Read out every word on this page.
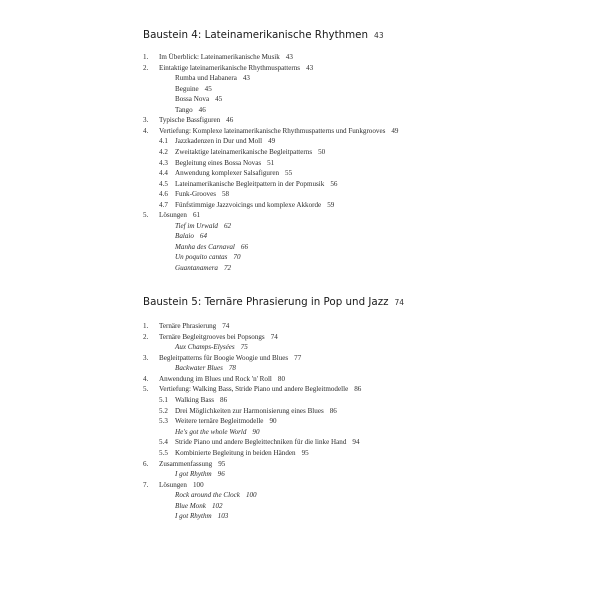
Baustein 4: Lateinamerikanische Rhythmen 43
1. Im Überblick: Lateinamerikanische Musik 43
2. Eintaktige lateinamerikanische Rhythmuspatterns 43
Rumba und Habanera 43
Beguine 45
Bossa Nova 45
Tango 46
3. Typische Bassfiguren 46
4. Vertiefung: Komplexe lateinamerikanische Rhythmuspatterns und Funkgrooves 49
4.1 Jazzkadenzen in Dur und Moll 49
4.2 Zweitaktige lateinamerikanische Begleitpatterns 50
4.3 Begleitung eines Bossa Novas 51
4.4 Anwendung komplexer Salsafiguren 55
4.5 Lateinamerikanische Begleitpattern in der Popmusik 56
4.6 Funk-Grooves 58
4.7 Fünfstimmige Jazzvoicings und komplexe Akkorde 59
5. Lösungen 61
Tief im Urwald 62
Balaio 64
Manha des Carnaval 66
Un poquito cantas 70
Guantanamera 72
Baustein 5: Ternäre Phrasierung in Pop und Jazz 74
1. Ternäre Phrasierung 74
2. Ternäre Begleitgrooves bei Popsongs 74
Aux Champs-Elysées 75
3. Begleitpatterns für Boogie Woogie und Blues 77
Backwater Blues 78
4. Anwendung im Blues und Rock 'n' Roll 80
5. Vertiefung: Walking Bass, Stride Piano und andere Begleitmodelle 86
5.1 Walking Bass 86
5.2 Drei Möglichkeiten zur Harmonisierung eines Blues 86
5.3 Weitere ternäre Begleitmodelle 90
He's got the whole World 90
5.4 Stride Piano und andere Begleittechniken für die linke Hand 94
5.5 Kombinierte Begleitung in beiden Händen 95
6. Zusammenfassung 95
I got Rhythm 96
7. Lösungen 100
Rock around the Clock 100
Blue Monk 102
I got Rhythm 103
